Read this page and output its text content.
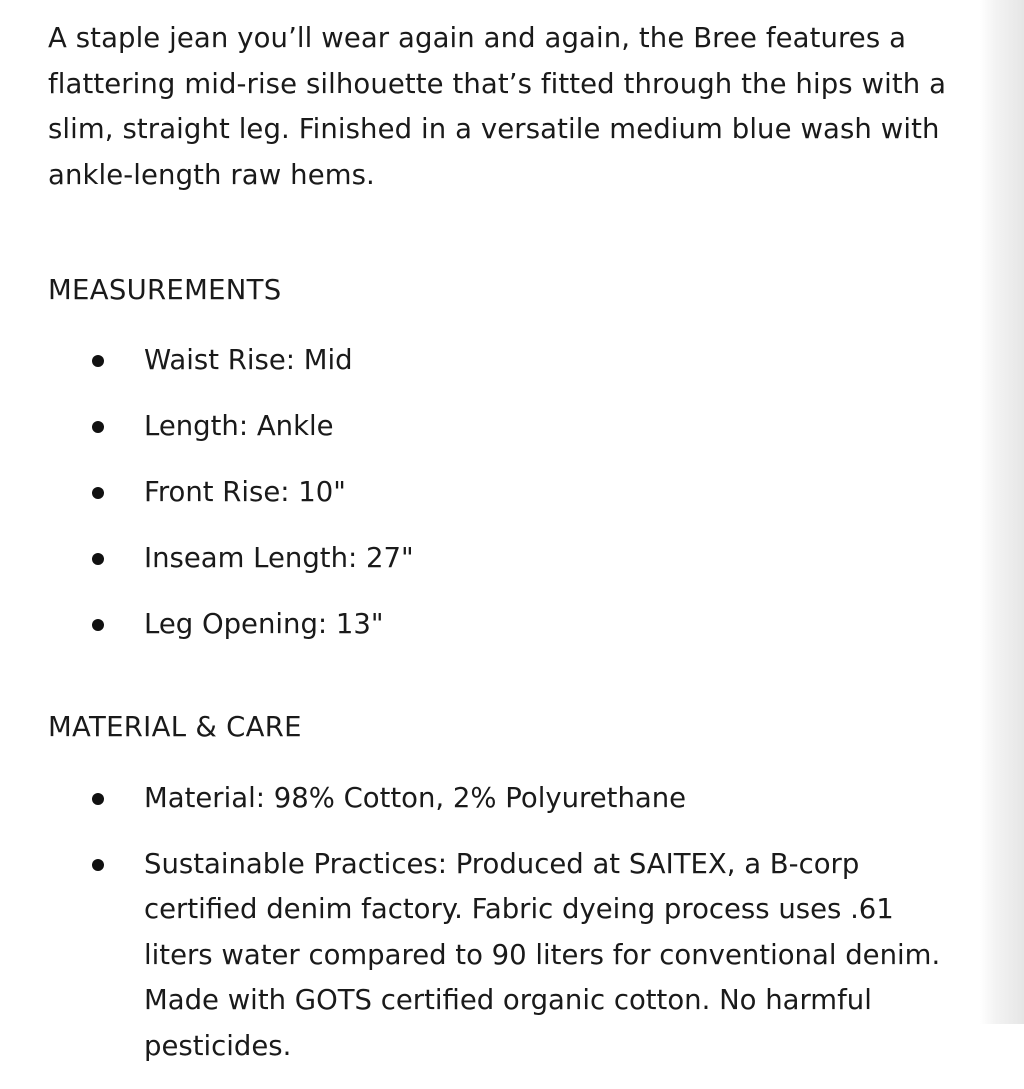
A staple jean you’ll wear again and again, the Bree features a flattering mid-rise silhouette that’s fitted through the hips with a slim, straight leg. Finished in a versatile medium blue wash with ankle-length raw hems.

MEASUREMENTS
Waist Rise: Mid
Length: Ankle
Front Rise: 10"
Inseam Length: 27"
Leg Opening: 13"
MATERIAL & CARE
Material: 98% Cotton, 2% Polyurethane
Sustainable Practices: Produced at SAITEX, a B-corp certified denim factory. Fabric dyeing process uses .61 liters water compared to 90 liters for conventional denim. Made with GOTS certified organic cotton. No harmful pesticides.
